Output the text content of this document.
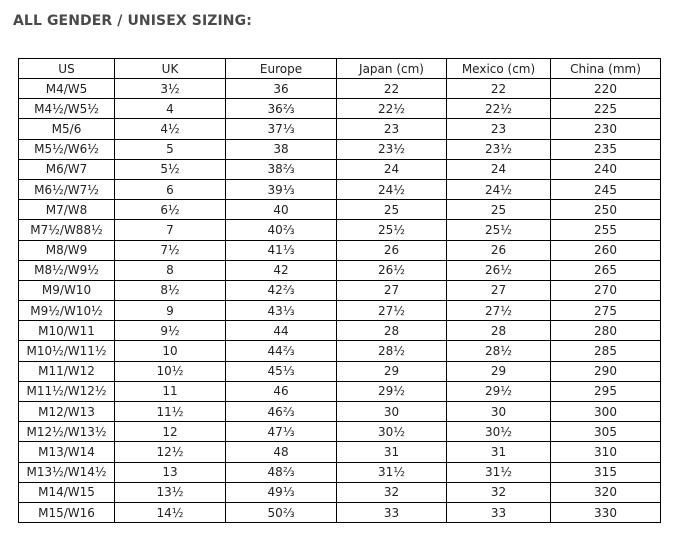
ALL GENDER / UNISEX SIZING:
US	UK	Europe	Japan (cm)	Mexico (cm)	China (mm)
M4/W5	3½	36	22	22	220
M4½/W5½	4	36⅔	22½	22½	225
M5/6	4½	37⅓	23	23	230
M5½/W6½	5	38	23½	23½	235
M6/W7	5½	38⅔	24	24	240
M6½/W7½	6	39⅓	24½	24½	245
M7/W8	6½	40	25	25	250
M7½/W88½	7	40⅔	25½	25½	255
M8/W9	7½	41⅓	26	26	260
M8½/W9½	8	42	26½	26½	265
M9/W10	8½	42⅔	27	27	270
M9½/W10½	9	43⅓	27½	27½	275
M10/W11	9½	44	28	28	280
M10½/W11½	10	44⅔	28½	28½	285
M11/W12	10½	45⅓	29	29	290
M11½/W12½	11	46	29½	29½	295
M12/W13	11½	46⅔	30	30	300
M12½/W13½	12	47⅓	30½	30½	305
M13/W14	12½	48	31	31	310
M13½/W14½	13	48⅔	31½	31½	315
M14/W15	13½	49⅓	32	32	320
M15/W16	14½	50⅔	33	33	330
